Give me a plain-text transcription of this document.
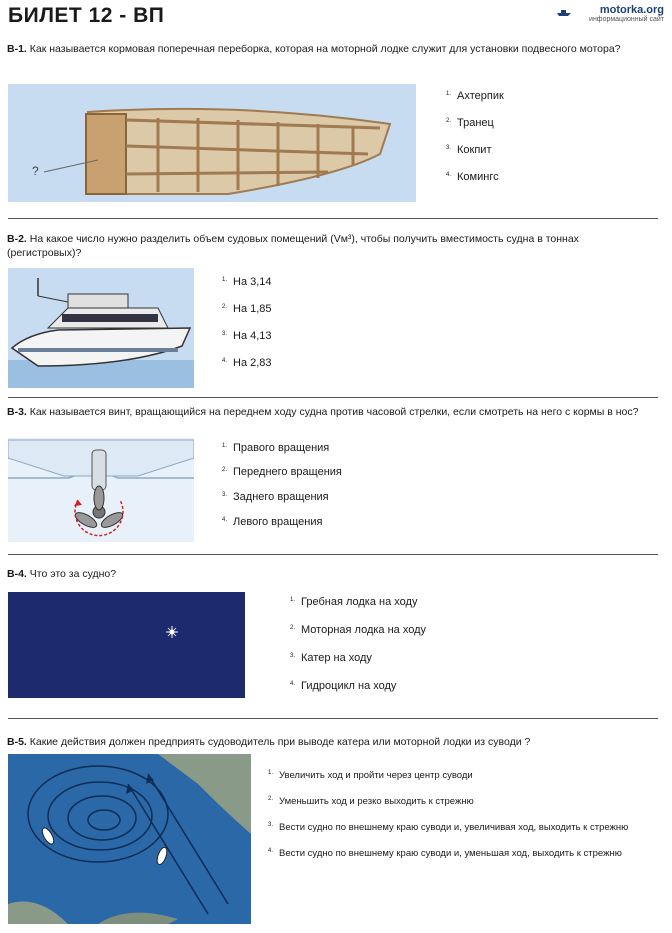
БИЛЕТ 12 - ВП	motorka.org
информационный сайт
В-1. Как называется кормовая поперечная переборка, которая на моторной лодке служит для установки подвесного мотора?
?
$^{1.}$ Ахтерпик
$^{2.}$ Транец
$^{3.}$ Кокпит
$^{4.}$ Комингс
В-2. На какое число нужно разделить объем судовых помещений (Vм³), чтобы получить вместимость судна в тоннах (регистровых)?
$^{1.}$ На 3,14
$^{2.}$ На 1,85
$^{3.}$ На 4,13
$^{4.}$ На 2,83
В-3. Как называется винт, вращающийся на переднем ходу судна против часовой стрелки, если смотреть на него с кормы в нос?
$^{1.}$ Правого вращения
$^{2.}$ Переднего вращения
$^{3.}$ Заднего вращения
$^{4.}$ Левого вращения
В-4. Что это за судно?
$^{1.}$ Гребная лодка на ходу
$^{2.}$ Моторная лодка на ходу
$^{3.}$ Катер на ходу
$^{4.}$ Гидроцикл на ходу
В-5. Какие действия должен предприять судоводитель при выводе катера или моторной лодки из суводи ?
$^{1.}$ Увеличить ход и пройти через центр суводи
$^{2.}$ Уменьшить ход и резко выходить к стрежню
$^{3.}$ Вести судно по внешнему краю суводи и, увеличивая ход, выходить к стрежню
$^{4.}$ Вести судно по внешнему краю суводи и, уменьшая ход, выходить к стрежню
